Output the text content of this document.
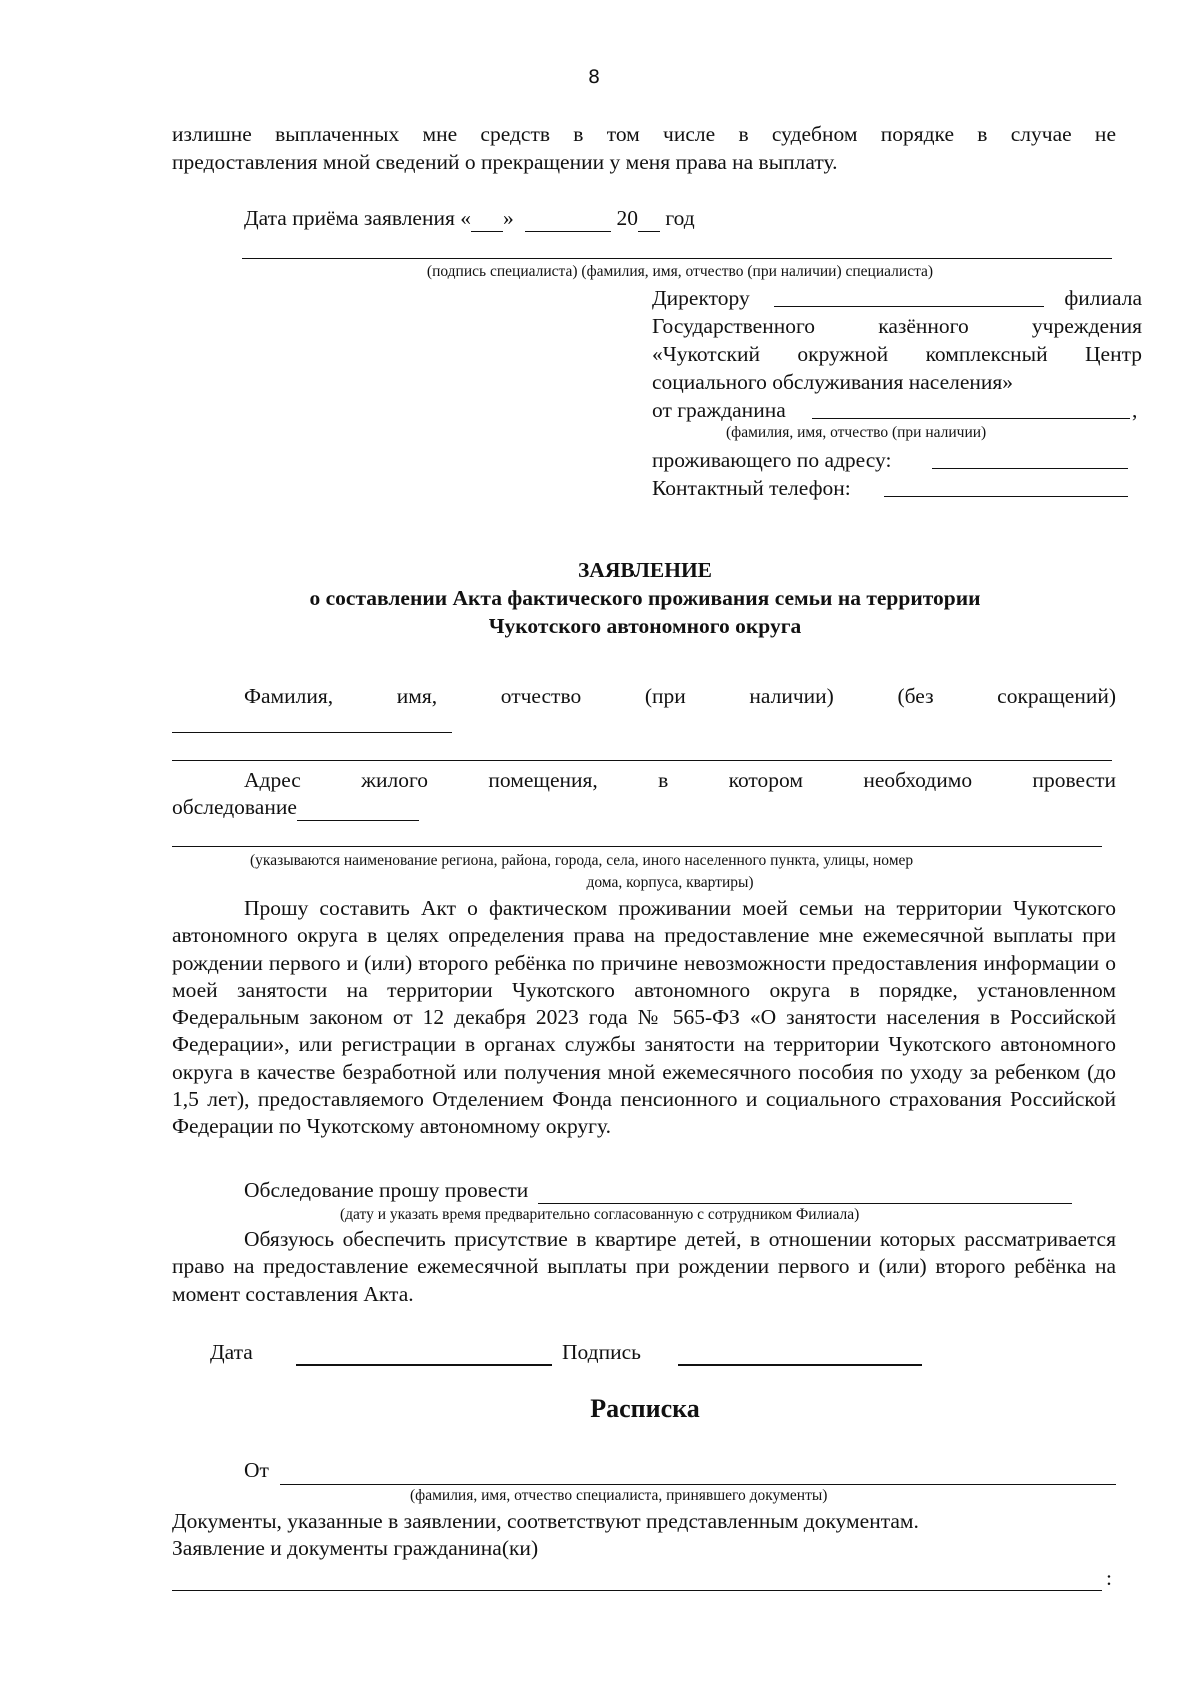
8
излишне выплаченных мне средств в том числе в судебном порядке в случае не
предоставления мной сведений о прекращении у меня права на выплату.
Дата приёма заявления « »	20 год
(подпись специалиста) (фамилия, имя, отчество (при наличии) специалиста)
Директору	филиала
Государственного казённого учреждения
«Чукотский окружной комплексный Центр
социального обслуживания населения»
от гражданина	,
(фамилия, имя, отчество (при наличии)
проживающего по адресу:
Контактный телефон:
ЗАЯВЛЕНИЕ
о составлении Акта фактического проживания семьи на территории
Чукотского автономного округа
Фамилия, имя, отчество (при наличии) (без сокращений)
Адрес жилого помещения, в котором необходимо провести
обследование
(указываются наименование региона, района, города, села, иного населенного пункта, улицы, номер
дома, корпуса, квартиры)
Прошу составить Акт о фактическом проживании моей семьи на территории Чукотского автономного округа в целях определения права на предоставление мне ежемесячной выплаты при рождении первого и (или) второго ребёнка по причине невозможности предоставления информации о моей занятости на территории Чукотского автономного округа в порядке, установленном Федеральным законом от 12 декабря 2023 года № 565-ФЗ «О занятости населения в Российской Федерации», или регистрации в органах службы занятости на территории Чукотского автономного округа в качестве безработной или получения мной ежемесячного пособия по уходу за ребенком (до 1,5 лет), предоставляемого Отделением Фонда пенсионного и социального страхования Российской Федерации по Чукотскому автономному округу.
Обследование прошу провести
(дату и указать время предварительно согласованную с сотрудником Филиала)
Обязуюсь обеспечить присутствие в квартире детей, в отношении которых рассматривается право на предоставление ежемесячной выплаты при рождении первого и (или) второго ребёнка на момент составления Акта.
Дата	Подпись
Расписка
От
(фамилия, имя, отчество специалиста, принявшего документы)
Документы, указанные в заявлении, соответствуют представленным документам.
Заявление и документы гражданина(ки)
:
